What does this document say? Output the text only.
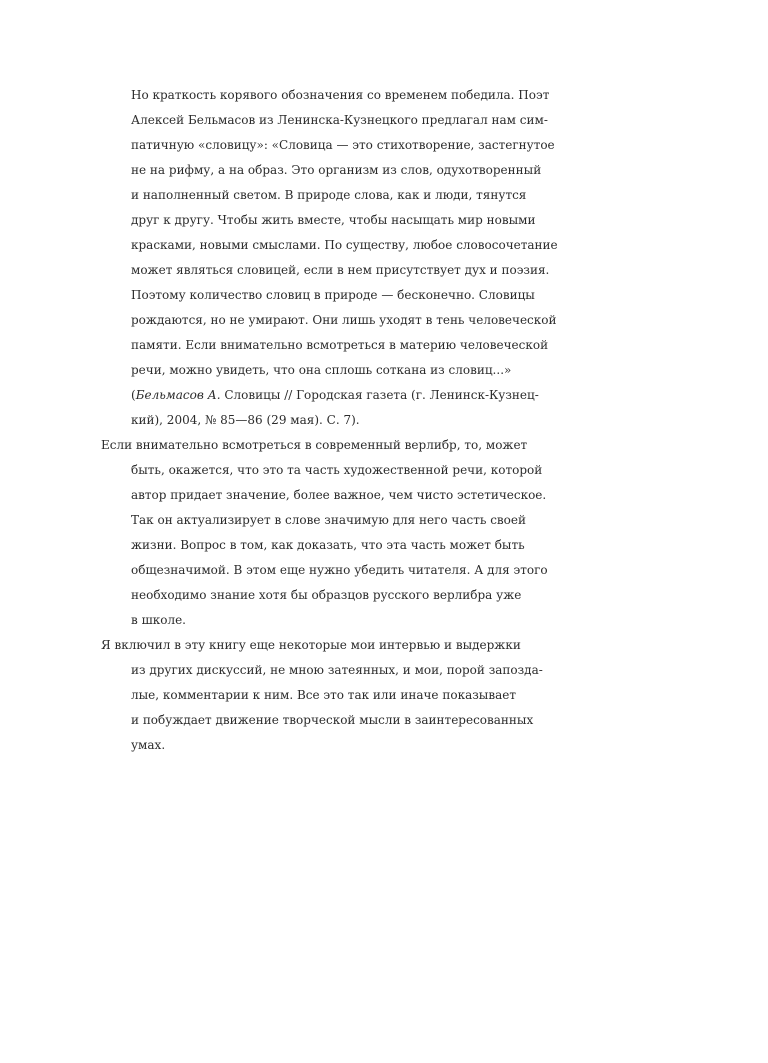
Но краткость корявого обозначения со временем победила. Поэт
Алексей Бельмасов из Ленинска-Кузнецкого предлагал нам сим-
патичную «словицу»: «Словица — это стихотворение, застегнутое
не на рифму, а на образ. Это организм из слов, одухотворенный
и наполненный светом. В природе слова, как и люди, тянутся
друг к другу. Чтобы жить вместе, чтобы насыщать мир новыми
красками, новыми смыслами. По существу, любое словосочетание
может являться словицей, если в нем присутствует дух и поэзия.
Поэтому количество словиц в природе — бесконечно. Словицы
рождаются, но не умирают. Они лишь уходят в тень человеческой
памяти. Если внимательно всмотреться в материю человеческой
речи, можно увидеть, что она сплошь соткана из словиц...»
(Бельмасов А. Словицы // Городская газета (г. Ленинск-Кузнец-
кий), 2004, № 85—86 (29 мая). С. 7).
Если внимательно всмотреться в современный верлибр, то, может
быть, окажется, что это та часть художественной речи, которой
автор придает значение, более важное, чем чисто эстетическое.
Так он актуализирует в слове значимую для него часть своей
жизни. Вопрос в том, как доказать, что эта часть может быть
общезначимой. В этом еще нужно убедить читателя. А для этого
необходимо знание хотя бы образцов русского верлибра уже
в школе.
Я включил в эту книгу еще некоторые мои интервью и выдержки
из других дискуссий, не мною затеянных, и мои, порой запозда-
лые, комментарии к ним. Все это так или иначе показывает
и побуждает движение творческой мысли в заинтересованных
умах.
